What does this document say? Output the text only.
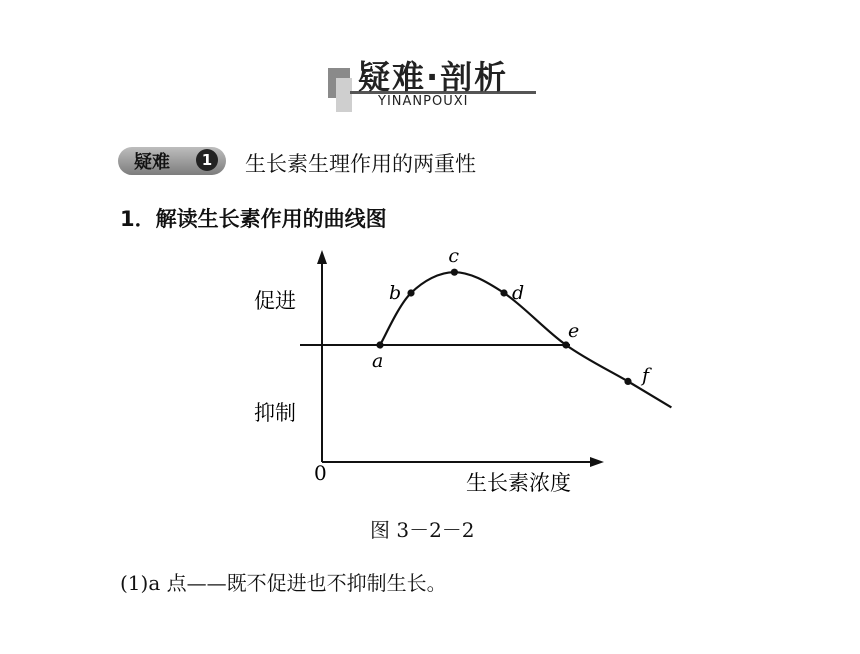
疑难·剖析
YINANPOUXI
疑难	1 生长素生理作用的两重性
1．解读生长素作用的曲线图
a
b
c
d
e
f
促进
抑制
0	生长素浓度
图 3－2－2
(1)a 点——既不促进也不抑制生长。
